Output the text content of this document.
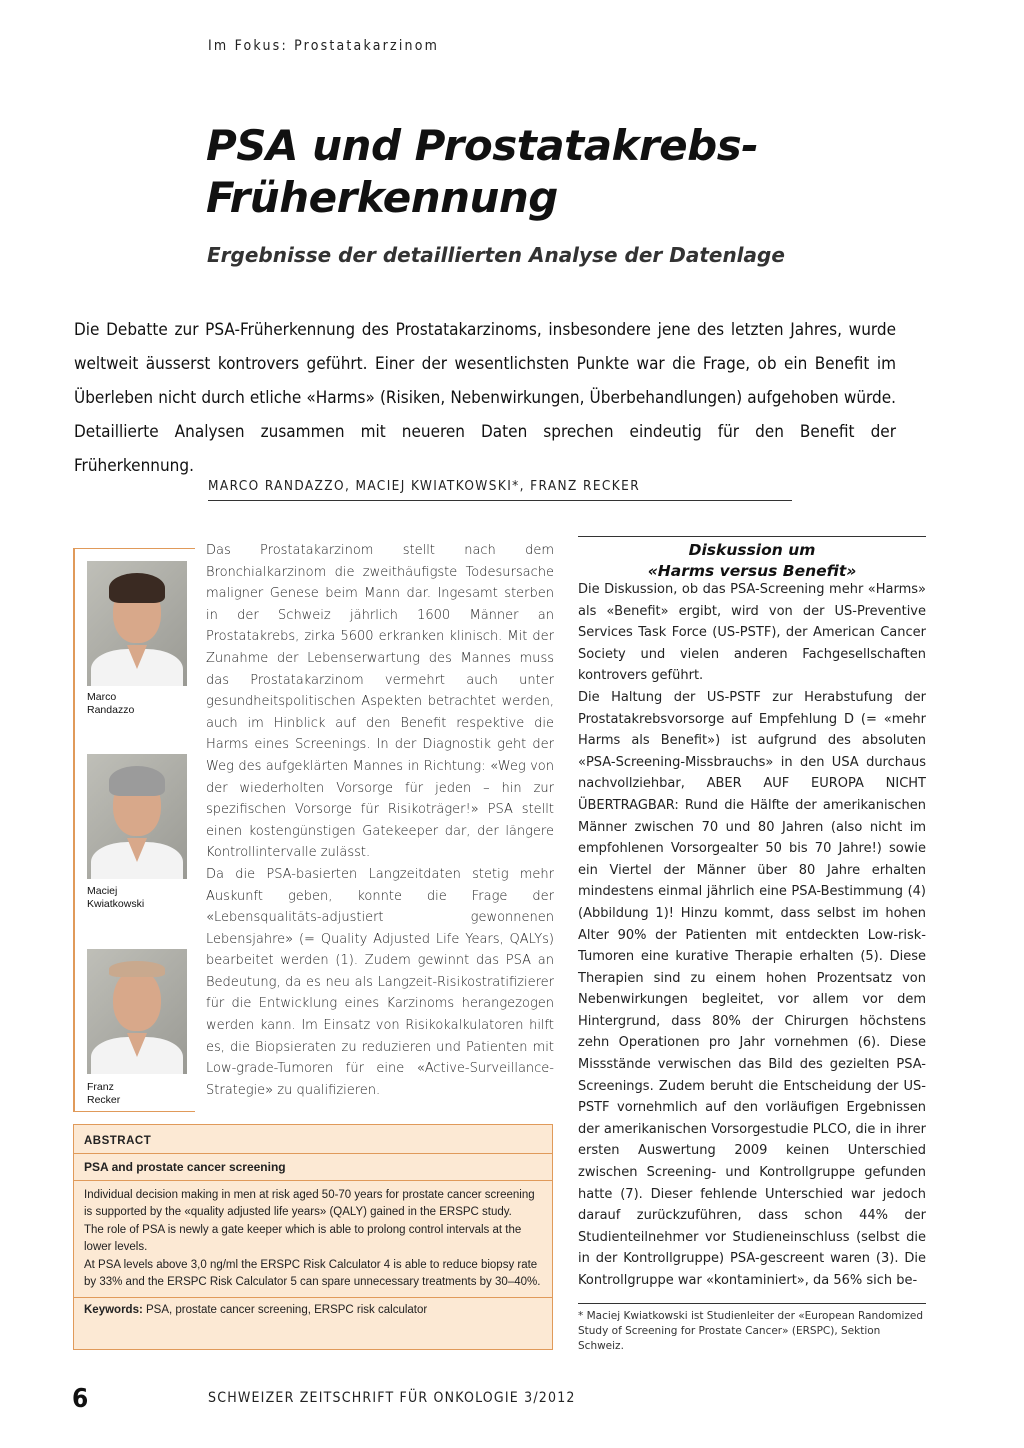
Im Fokus: Prostatakarzinom
PSA und Prostatakrebs-
Früherkennung
Ergebnisse der detaillierten Analyse der Datenlage

Die Debatte zur PSA-Früherkennung des Prostatakarzinoms, insbesondere jene des letzten Jahres, wurde weltweit äusserst kontrovers geführt. Einer der wesentlichsten Punkte war die Frage, ob ein Benefit im Überleben nicht durch etliche «Harms» (Risiken, Nebenwirkungen, Überbehandlungen) aufgehoben würde. Detaillierte Analysen zusammen mit neueren Daten sprechen eindeutig für den Benefit der Früherkennung.

MARCO RANDAZZO, MACIEJ KWIATKOWSKI*, FRANZ RECKER
Marco
Randazzo
Maciej
Kwiatkowski
Franz
Recker

Das Prostatakarzinom stellt nach dem Bronchialkarzinom die zweithäufigste Todesursache maligner Genese beim Mann dar. Ingesamt sterben in der Schweiz jährlich 1600 Männer an Prostatakrebs, zirka 5600 erkranken klinisch. Mit der Zunahme der Lebenserwartung des Mannes muss das Prostatakarzinom vermehrt auch unter gesundheitspolitischen Aspekten betrachtet werden, auch im Hinblick auf den Benefit respektive die Harms eines Screenings. In der Diagnostik geht der Weg des aufgeklärten Mannes in Richtung: «Weg von der wiederholten Vorsorge für jeden – hin zur spezifischen Vorsorge für Risikoträger!» PSA stellt einen kostengünstigen Gatekeeper dar, der längere Kontrollintervalle zulässt.

Da die PSA-basierten Langzeitdaten stetig mehr Auskunft geben, konnte die Frage der «Lebensqualitäts-adjustiert gewonnenen Lebensjahre» (= Quality Adjusted Life Years, QALYs) bearbeitet werden (1). Zudem gewinnt das PSA an Bedeutung, da es neu als Langzeit-Risikostratifizierer für die Entwicklung eines Karzinoms herangezogen werden kann. Im Einsatz von Risikokalkulatoren hilft es, die Biopsieraten zu reduzieren und Patienten mit Low-grade-Tumoren für eine «Active-Surveillance-Strategie» zu qualifizieren.

Diskussion um
«Harms versus Benefit»

Die Diskussion, ob das PSA-Screening mehr «Harms» als «Benefit» ergibt, wird von der US-Preventive Services Task Force (US-PSTF), der American Cancer Society und vielen anderen Fachgesellschaften kontrovers geführt.

Die Haltung der US-PSTF zur Herabstufung der Prostatakrebsvorsorge auf Empfehlung D (= «mehr Harms als Benefit») ist aufgrund des absoluten «PSA-Screening-Missbrauchs» in den USA durchaus nachvollziehbar, ABER AUF EUROPA NICHT ÜBERTRAGBAR: Rund die Hälfte der amerikanischen Männer zwischen 70 und 80 Jahren (also nicht im empfohlenen Vorsorgealter 50 bis 70 Jahre!) sowie ein Viertel der Männer über 80 Jahre erhalten mindestens einmal jährlich eine PSA-Bestimmung (4) (Abbildung 1)! Hinzu kommt, dass selbst im hohen Alter 90% der Patienten mit entdeckten Low-risk-Tumoren eine kurative Therapie erhalten (5). Diese Therapien sind zu einem hohen Prozentsatz von Nebenwirkungen begleitet, vor allem vor dem Hintergrund, dass 80% der Chirurgen höchstens zehn Operationen pro Jahr vornehmen (6). Diese Missstände verwischen das Bild des gezielten PSA-Screenings. Zudem beruht die Entscheidung der US-PSTF vornehmlich auf den vorläufigen Ergebnissen der amerikanischen Vorsorgestudie PLCO, die in ihrer ersten Auswertung 2009 keinen Unterschied zwischen Screening- und Kontrollgruppe gefunden hatte (7). Dieser fehlende Unterschied war jedoch darauf zurückzuführen, dass schon 44% der Studienteilnehmer vor Studieneinschluss (selbst die in der Kontrollgruppe) PSA-gescreent waren (3). Die Kontrollgruppe war «kontaminiert», da 56% sich be-

* Maciej Kwiatkowski ist Studienleiter der «European Randomized Study of Screening for Prostate Cancer» (ERSPC), Sektion Schweiz.

ABSTRACT
PSA and prostate cancer screening

Individual decision making in men at risk aged 50-70 years for prostate cancer screening is supported by the «quality adjusted life years» (QALY) gained in the ERSPC study.

The role of PSA is newly a gate keeper which is able to prolong control intervals at the lower levels.

At PSA levels above 3,0 ng/ml the ERSPC Risk Calculator 4 is able to reduce biopsy rate by 33% and the ERSPC Risk Calculator 5 can spare unnecessary treatments by 30–40%.

Keywords: PSA, prostate cancer screening, ERSPC risk calculator
6	SCHWEIZER ZEITSCHRIFT FÜR ONKOLOGIE 3/2012
